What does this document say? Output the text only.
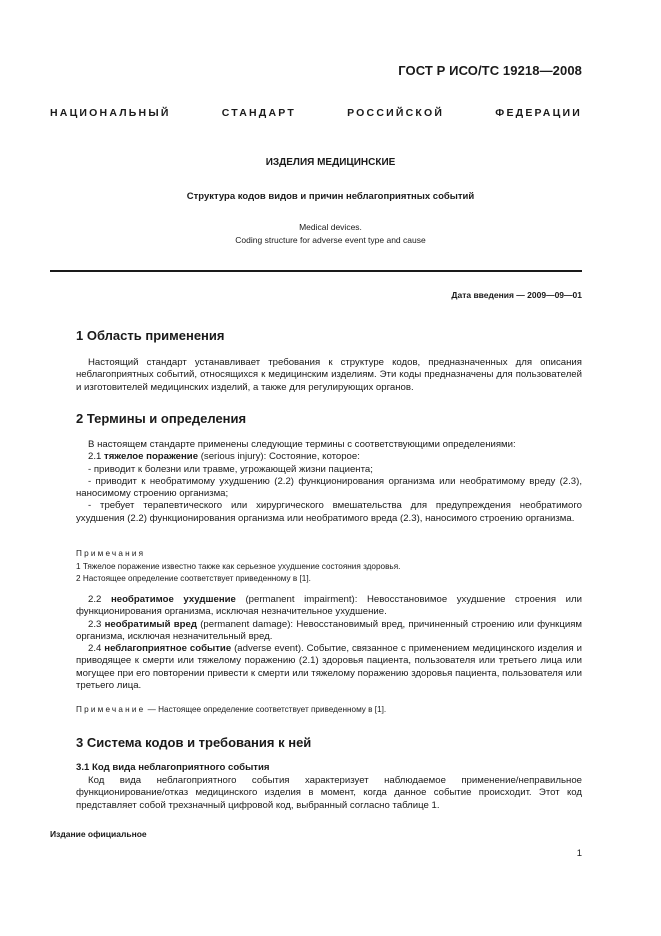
ГОСТ Р ИСО/ТС 19218—2008
НАЦИОНАЛЬНЫЙ	СТАНДАРТ	РОССИЙСКОЙ	ФЕДЕРАЦИИ
ИЗДЕЛИЯ МЕДИЦИНСКИЕ
Структура кодов видов и причин неблагоприятных событий
Medical devices.
Coding structure for adverse event type and cause
Дата введения — 2009—09—01
1 Область применения

Настоящий стандарт устанавливает требования к структуре кодов, предназначенных для описания неблагоприятных событий, относящихся к медицинским изделиям. Эти коды предназначены для пользователей и изготовителей медицинских изделий, а также для регулирующих органов.

2 Термины и определения

В настоящем стандарте применены следующие термины с соответствующими определениями:

2.1 тяжелое поражение (serious injury): Состояние, которое:

- приводит к болезни или травме, угрожающей жизни пациента;

- приводит к необратимому ухудшению (2.2) функционирования организма или необратимому вреду (2.3), наносимому строению организма;

- требует терапевтического или хирургического вмешательства для предупреждения необратимого ухудшения (2.2) функционирования организма или необратимого вреда (2.3), наносимого строению организма.

Примечания

1 Тяжелое поражение известно также как серьезное ухудшение состояния здоровья.

2 Настоящее определение соответствует приведенному в [1].

2.2 необратимое ухудшение (permanent impairment): Невосстановимое ухудшение строения или функционирования организма, исключая незначительное ухудшение.

2.3 необратимый вред (permanent damage): Невосстановимый вред, причиненный строению или функциям организма, исключая незначительный вред.

2.4 неблагоприятное событие (adverse event). Событие, связанное с применением медицинского изделия и приводящее к смерти или тяжелому поражению (2.1) здоровья пациента, пользователя или третьего лица или могущее при его повторении привести к смерти или тяжелому поражению здоровья пациента, пользователя или третьего лица.

Примечание — Настоящее определение соответствует приведенному в [1].

3 Система кодов и требования к ней
3.1 Код вида неблагоприятного события

Код вида неблагоприятного события характеризует наблюдаемое применение/неправильное функционирование/отказ медицинского изделия в момент, когда данное событие происходит. Этот код представляет собой трехзначный цифровой код, выбранный согласно таблице 1.

Издание официальное
1
